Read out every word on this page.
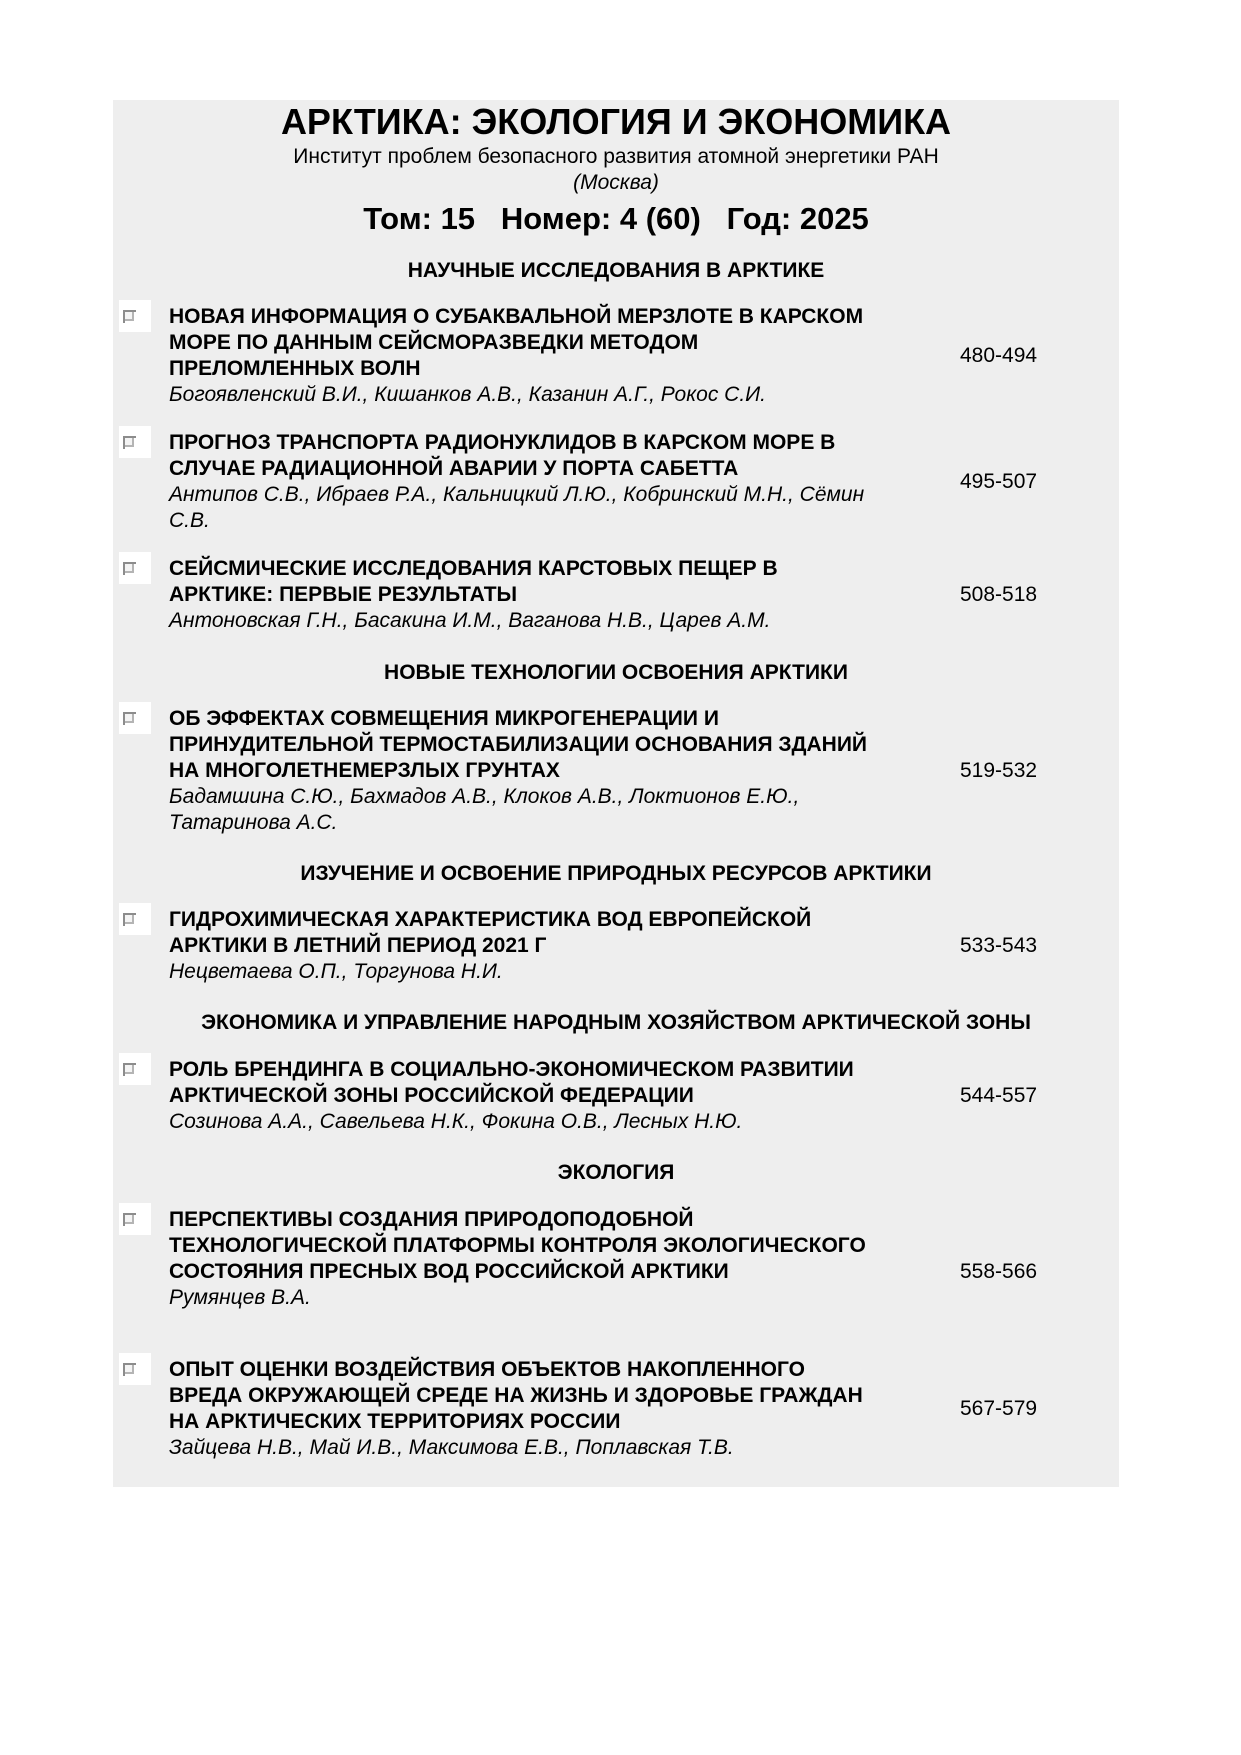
АРКТИКА: ЭКОЛОГИЯ И ЭКОНОМИКА
Институт проблем безопасного развития атомной энергетики РАН
(Москва)
Том: 15   Номер: 4 (60)   Год: 2025
НАУЧНЫЕ ИССЛЕДОВАНИЯ В АРКТИКЕ
НОВАЯ ИНФОРМАЦИЯ О СУБАКВАЛЬНОЙ МЕРЗЛОТЕ В КАРСКОМ МОРЕ ПО ДАННЫМ СЕЙСМОРАЗВЕДКИ МЕТОДОМ ПРЕЛОМЛЕННЫХ ВОЛН
Богоявленский В.И., Кишанков А.В., Казанин А.Г., Рокос С.И.
480-494
ПРОГНОЗ ТРАНСПОРТА РАДИОНУКЛИДОВ В КАРСКОМ МОРЕ В СЛУЧАЕ РАДИАЦИОННОЙ АВАРИИ У ПОРТА САБЕТТА
Антипов С.В., Ибраев Р.А., Кальницкий Л.Ю., Кобринский М.Н., Сёмин С.В.
495-507
СЕЙСМИЧЕСКИЕ ИССЛЕДОВАНИЯ КАРСТОВЫХ ПЕЩЕР В АРКТИКЕ: ПЕРВЫЕ РЕЗУЛЬТАТЫ
Антоновская Г.Н., Басакина И.М., Ваганова Н.В., Царев А.М.
508-518
НОВЫЕ ТЕХНОЛОГИИ ОСВОЕНИЯ АРКТИКИ
ОБ ЭФФЕКТАХ СОВМЕЩЕНИЯ МИКРОГЕНЕРАЦИИ И ПРИНУДИТЕЛЬНОЙ ТЕРМОСТАБИЛИЗАЦИИ ОСНОВАНИЯ ЗДАНИЙ НА МНОГОЛЕТНЕМЕРЗЛЫХ ГРУНТАХ
Бадамшина С.Ю., Бахмадов А.В., Клоков А.В., Локтионов Е.Ю., Татаринова А.С.
519-532
ИЗУЧЕНИЕ И ОСВОЕНИЕ ПРИРОДНЫХ РЕСУРСОВ АРКТИКИ
ГИДРОХИМИЧЕСКАЯ ХАРАКТЕРИСТИКА ВОД ЕВРОПЕЙСКОЙ АРКТИКИ В ЛЕТНИЙ ПЕРИОД 2021 Г
Нецветаева О.П., Торгунова Н.И.
533-543
ЭКОНОМИКА И УПРАВЛЕНИЕ НАРОДНЫМ ХОЗЯЙСТВОМ АРКТИЧЕСКОЙ ЗОНЫ
РОЛЬ БРЕНДИНГА В СОЦИАЛЬНО-ЭКОНОМИЧЕСКОМ РАЗВИТИИ АРКТИЧЕСКОЙ ЗОНЫ РОССИЙСКОЙ ФЕДЕРАЦИИ
Созинова А.А., Савельева Н.К., Фокина О.В., Лесных Н.Ю.
544-557
ЭКОЛОГИЯ
ПЕРСПЕКТИВЫ СОЗДАНИЯ ПРИРОДОПОДОБНОЙ ТЕХНОЛОГИЧЕСКОЙ ПЛАТФОРМЫ КОНТРОЛЯ ЭКОЛОГИЧЕСКОГО СОСТОЯНИЯ ПРЕСНЫХ ВОД РОССИЙСКОЙ АРКТИКИ
Румянцев В.А.
558-566
ОПЫТ ОЦЕНКИ ВОЗДЕЙСТВИЯ ОБЪЕКТОВ НАКОПЛЕННОГО ВРЕДА ОКРУЖАЮЩЕЙ СРЕДЕ НА ЖИЗНЬ И ЗДОРОВЬЕ ГРАЖДАН НА АРКТИЧЕСКИХ ТЕРРИТОРИЯХ РОССИИ
Зайцева Н.В., Май И.В., Максимова Е.В., Поплавская Т.В.
567-579
